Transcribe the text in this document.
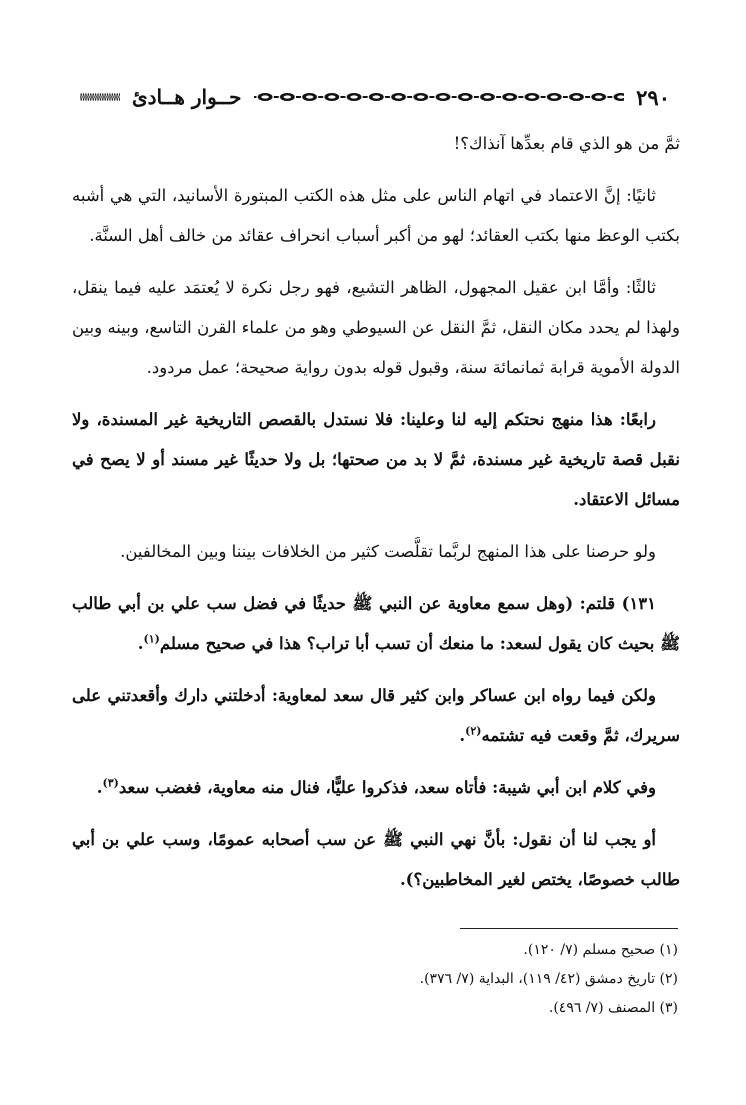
٢٩٠
حــوار هــادئ

ثمَّ من هو الذي قام بعدِّها آنذاك؟!

ثانيًا: إنَّ الاعتماد في اتهام الناس على مثل هذه الكتب المبتورة الأسانيد، التي هي أشبه بكتب الوعظ منها بكتب العقائد؛ لهو من أكبر أسباب انحراف عقائد من خالف أهل السنَّة.

ثالثًا: وأمَّا ابن عقيل المجهول، الظاهر التشيع، فهو رجل نكرة لا يُعتمَد عليه فيما ينقل، ولهذا لم يحدد مكان النقل، ثمَّ النقل عن السيوطي وهو من علماء القرن التاسع، وبينه وبين الدولة الأموية قرابة ثمانمائة سنة، وقبول قوله بدون رواية صحيحة؛ عمل مردود.

رابعًا: هذا منهج نحتكم إليه لنا وعلينا: فلا نستدل بالقصص التاريخية غير المسندة، ولا نقبل قصة تاريخية غير مسندة، ثمَّ لا بد من صحتها؛ بل ولا حديثًا غير مسند أو لا يصح في مسائل الاعتقاد.

ولو حرصنا على هذا المنهج لربَّما تقلَّصت كثير من الخلافات بيننا وبين المخالفين.

١٣١) قلتم: (وهل سمع معاوية عن النبي ﷺ حديثًا في فضل سب علي بن أبي طالب ﷺ بحيث كان يقول لسعد: ما منعك أن تسب أبا تراب؟ هذا في صحيح مسلم$^{(١)}$.

ولكن فيما رواه ابن عساكر وابن كثير قال سعد لمعاوية: أدخلتني دارك وأقعدتني على سريرك، ثمَّ وقعت فيه تشتمه$^{(٢)}$.

وفي كلام ابن أبي شيبة: فأتاه سعد، فذكروا عليًّا، فنال منه معاوية، فغضب سعد$^{(٣)}$.

أو يجب لنا أن نقول: بأنَّ نهي النبي ﷺ عن سب أصحابه عمومًا، وسب علي بن أبي طالب خصوصًا، يختص لغير المخاطبين؟).

(١) صحيح مسلم (٧/ ١٢٠).

(٢) تاريخ دمشق (٤٢/ ١١٩)، البداية (٧/ ٣٧٦).

(٣) المصنف (٧/ ٤٩٦).
